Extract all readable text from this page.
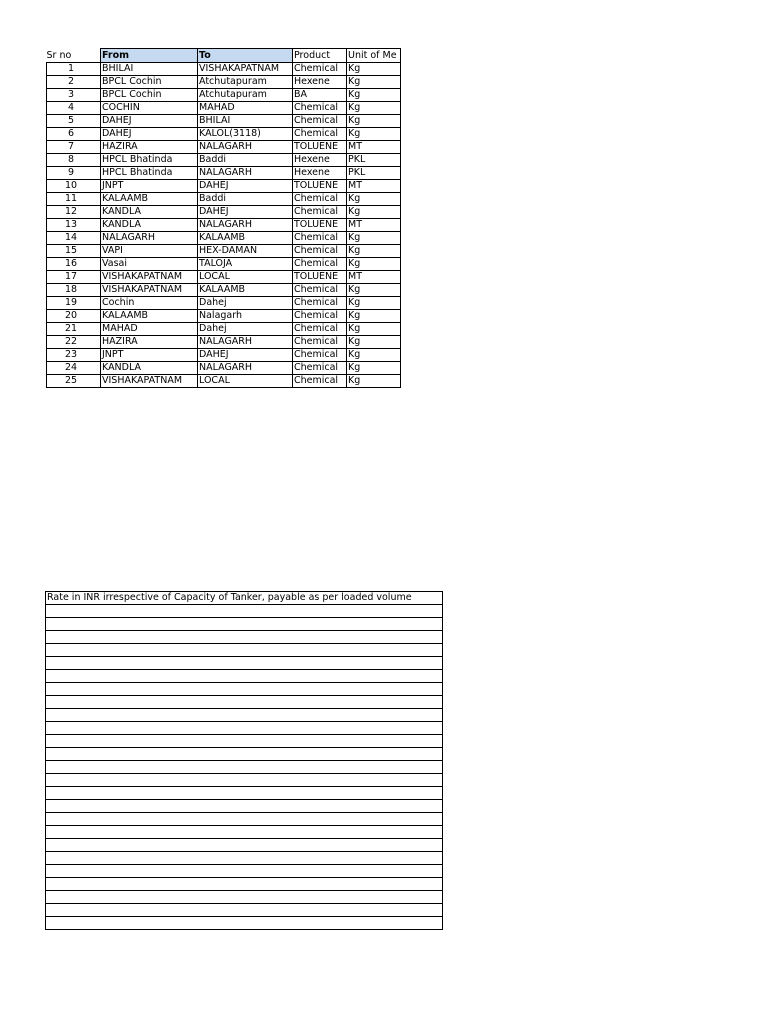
Sr no	From	To	Product	Unit of Me
1	BHILAI	VISHAKAPATNAM	Chemical	Kg
2	BPCL Cochin	Atchutapuram	Hexene	Kg
3	BPCL Cochin	Atchutapuram	BA	Kg
4	COCHIN	MAHAD	Chemical	Kg
5	DAHEJ	BHILAI	Chemical	Kg
6	DAHEJ	KALOL(3118)	Chemical	Kg
7	HAZIRA	NALAGARH	TOLUENE	MT
8	HPCL Bhatinda	Baddi	Hexene	PKL
9	HPCL Bhatinda	NALAGARH	Hexene	PKL
10	JNPT	DAHEJ	TOLUENE	MT
11	KALAAMB	Baddi	Chemical	Kg
12	KANDLA	DAHEJ	Chemical	Kg
13	KANDLA	NALAGARH	TOLUENE	MT
14	NALAGARH	KALAAMB	Chemical	Kg
15	VAPI	HEX-DAMAN	Chemical	Kg
16	Vasai	TALOJA	Chemical	Kg
17	VISHAKAPATNAM	LOCAL	TOLUENE	MT
18	VISHAKAPATNAM	KALAAMB	Chemical	Kg
19	Cochin	Dahej	Chemical	Kg
20	KALAAMB	Nalagarh	Chemical	Kg
21	MAHAD	Dahej	Chemical	Kg
22	HAZIRA	NALAGARH	Chemical	Kg
23	JNPT	DAHEJ	Chemical	Kg
24	KANDLA	NALAGARH	Chemical	Kg
25	VISHAKAPATNAM	LOCAL	Chemical	Kg
Rate in INR irrespective of Capacity of Tanker, payable as per loaded volume
